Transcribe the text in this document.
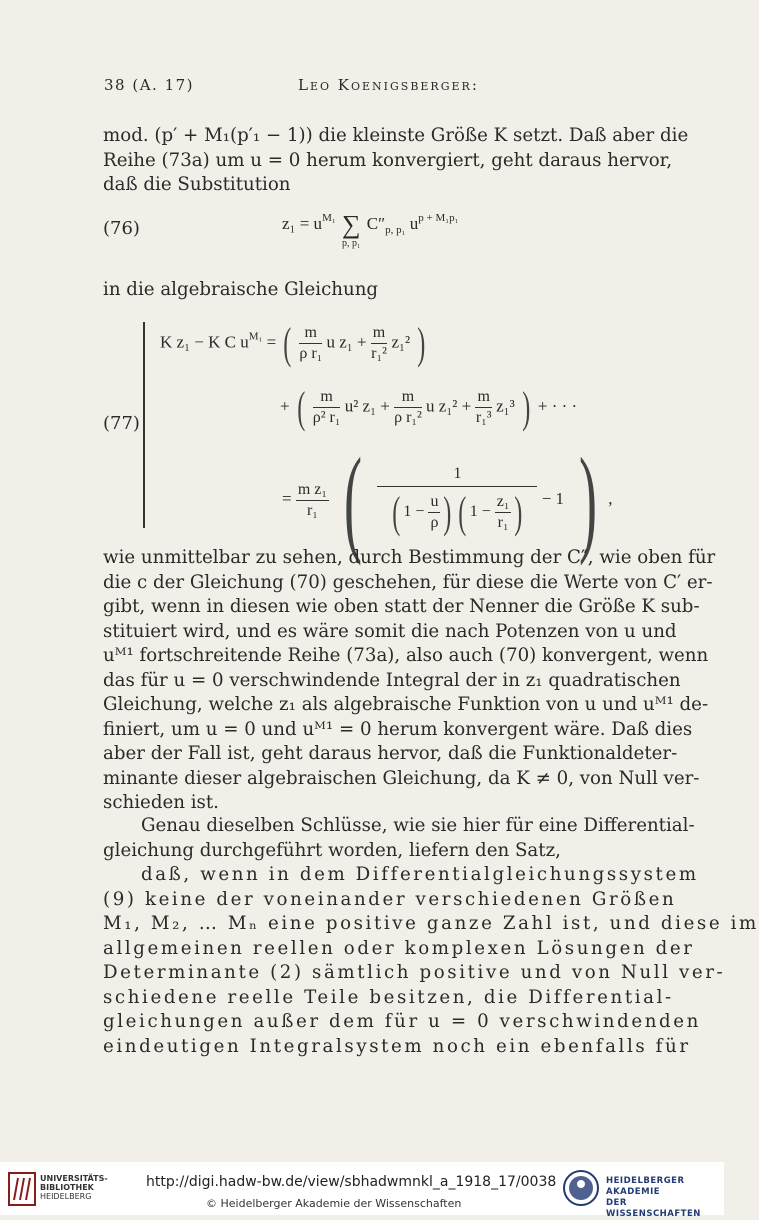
38 (A. 17)	Leo Koenigsberger:
mod. (p′ + M₁(p′₁ − 1)) die kleinste Größe K setzt. Daß aber die
Reihe (73a) um u = 0 herum konvergiert, geht daraus hervor,
daß die Substitution
(76)	$z_1 = u^{M_1}$ ∑
p, p₁
$C''_{p, p_1}$ $u^{p + M_1p_1}$
in die algebraische Gleichung
(77)
K z₁ − K C $u^{M_1}$ = ( $\frac{m}{\text{ρ r₁}}$ u $z_1 + \frac{m}{\text{r₁²}} z_1^2$ )
+ ( $\frac{m}{\text{ρ² r₁}} u^2$ $z_1 + \frac{m}{\text{ρ r₁²}}$ u $z_1^2 + \frac{m}{\text{r₁³}} z_1^3$ ) + · · ·
= $\frac{\text{m z₁}}{\text{r₁}}$ ( $\frac{1}{( 1 - \frac{u}{\rho} ) ( 1 - \frac{\text{z₁}}{\text{r₁}} )} - 1$ ) ,
wie unmittelbar zu sehen, durch Bestimmung der C″, wie oben für
die c der Gleichung (70) geschehen, für diese die Werte von C′ er-
gibt, wenn in diesen wie oben statt der Nenner die Größe K sub-
stituiert wird, und es wäre somit die nach Potenzen von u und
uᴹ¹ fortschreitende Reihe (73a), also auch (70) konvergent, wenn
das für u = 0 verschwindende Integral der in z₁ quadratischen
Gleichung, welche z₁ als algebraische Funktion von u und uᴹ¹ de-
finiert, um u = 0 und uᴹ¹ = 0 herum konvergent wäre. Daß dies
aber der Fall ist, geht daraus hervor, daß die Funktionaldeter-
minante dieser algebraischen Gleichung, da K ≠ 0, von Null ver-
schieden ist.
Genau dieselben Schlüsse, wie sie hier für eine Differential-
gleichung durchgeführt worden, liefern den Satz,
daß, wenn in dem Differentialgleichungssystem
(9) keine der voneinander verschiedenen Größen
M₁, M₂, … Mₙ eine positive ganze Zahl ist, und diese im
allgemeinen reellen oder komplexen Lösungen der
Determinante (2) sämtlich positive und von Null ver-
schiedene reelle Teile besitzen, die Differential-
gleichungen außer dem für u = 0 verschwindenden
eindeutigen Integralsystem noch ein ebenfalls für
UNIVERSITÄTS-
BIBLIOTHEK
HEIDELBERG
http://digi.hadw-bw.de/view/sbhadwmnkl_a_1918_17/0038
© Heidelberger Akademie der Wissenschaften
HEIDELBERGER AKADEMIE
DER WISSENSCHAFTEN
